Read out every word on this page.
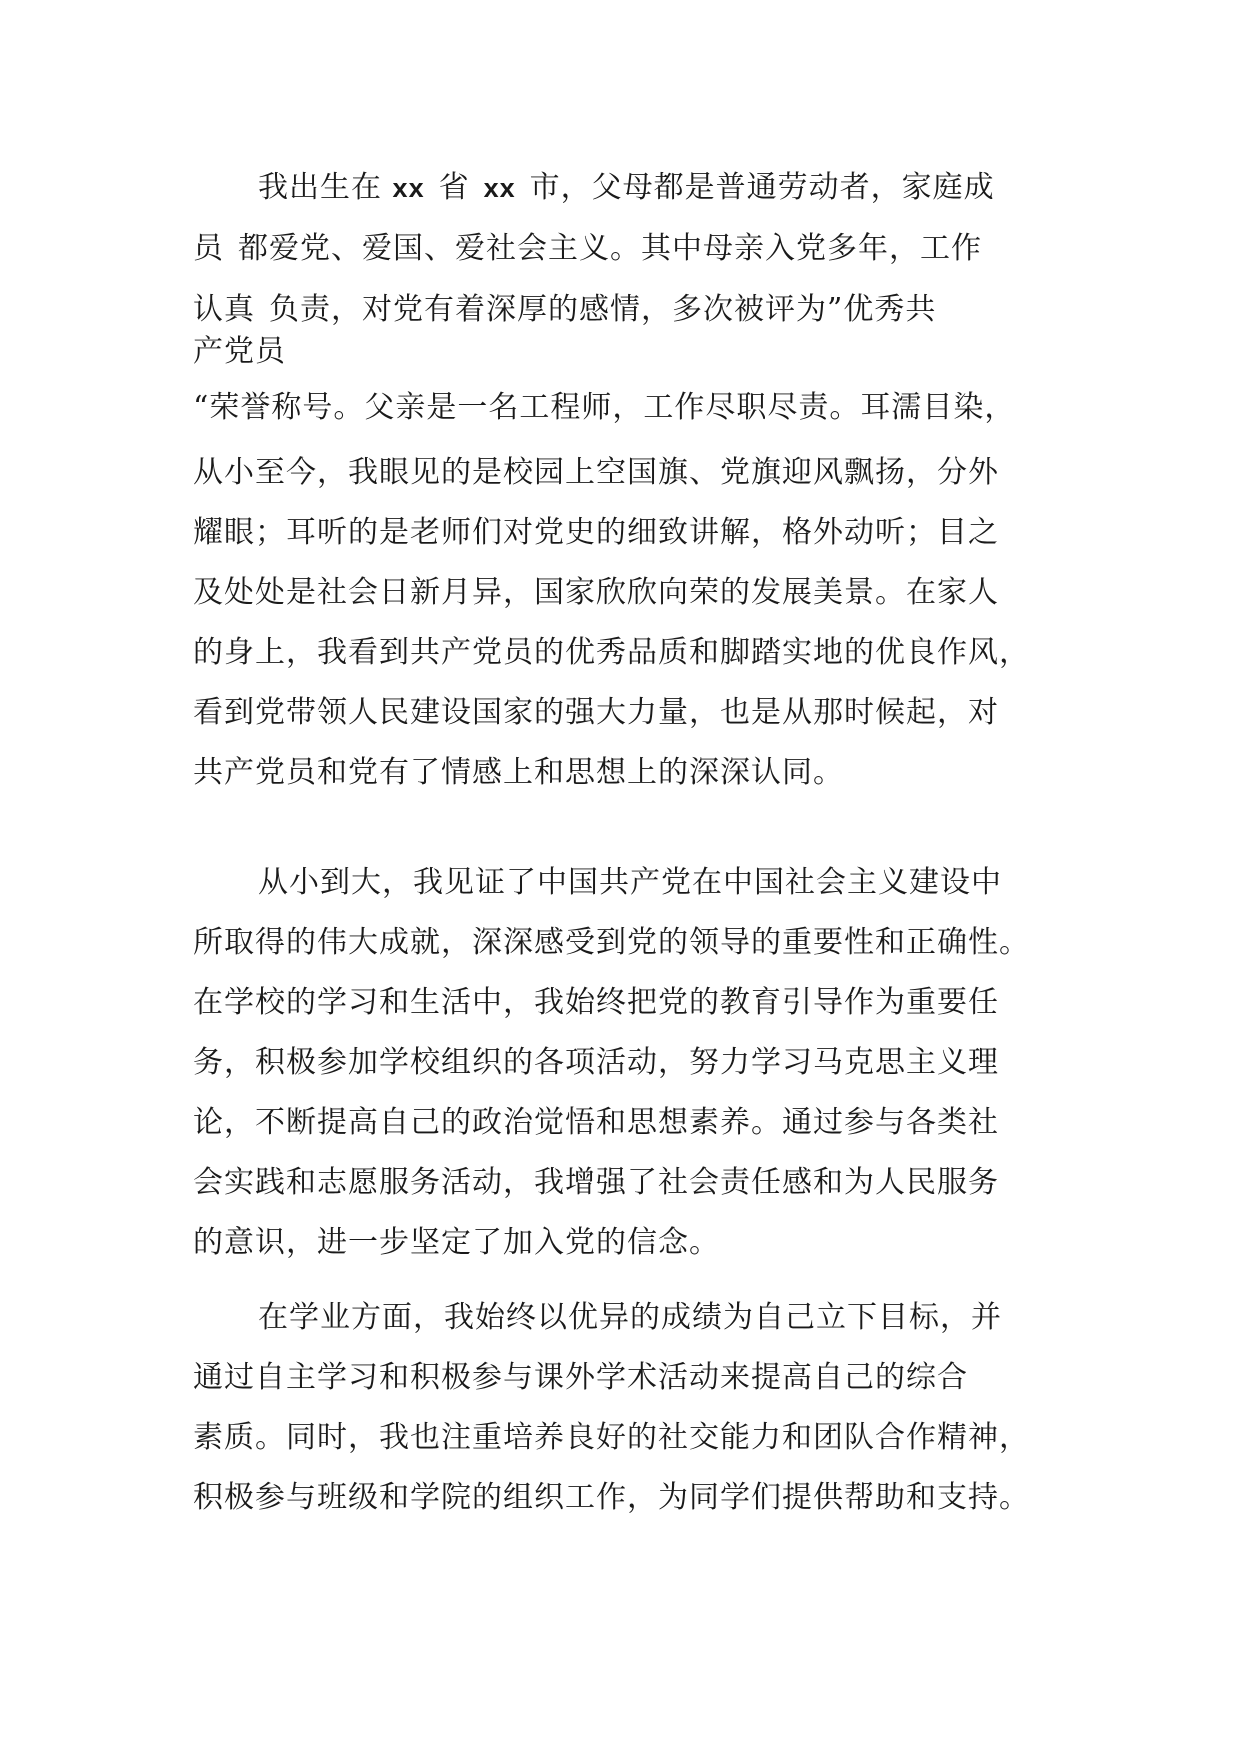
我出生在 xx 省 xx 市，父母都是普通劳动者，家庭成

员 都爱党、爱国、爱社会主义。其中母亲入党多年，工作

认真 负责，对党有着深厚的感情，多次被评为”优秀共

产党员

“荣誉称号。父亲是一名工程师，工作尽职尽责。耳濡目染，

从小至今，我眼见的是校园上空国旗、党旗迎风飘扬，分外

耀眼；耳听的是老师们对党史的细致讲解，格外动听；目之

及处处是社会日新月异，国家欣欣向荣的发展美景。在家人

的身上，我看到共产党员的优秀品质和脚踏实地的优良作风，

看到党带领人民建设国家的强大力量，也是从那时候起，对

共产党员和党有了情感上和思想上的深深认同。

从小到大，我见证了中国共产党在中国社会主义建设中

所取得的伟大成就，深深感受到党的领导的重要性和正确性。

在学校的学习和生活中，我始终把党的教育引导作为重要任

务，积极参加学校组织的各项活动，努力学习马克思主义理

论，不断提高自己的政治觉悟和思想素养。通过参与各类社

会实践和志愿服务活动，我增强了社会责任感和为人民服务

的意识，进一步坚定了加入党的信念。

在学业方面，我始终以优异的成绩为自己立下目标，并

通过自主学习和积极参与课外学术活动来提高自己的综合

素质。同时，我也注重培养良好的社交能力和团队合作精神，

积极参与班级和学院的组织工作，为同学们提供帮助和支持。
